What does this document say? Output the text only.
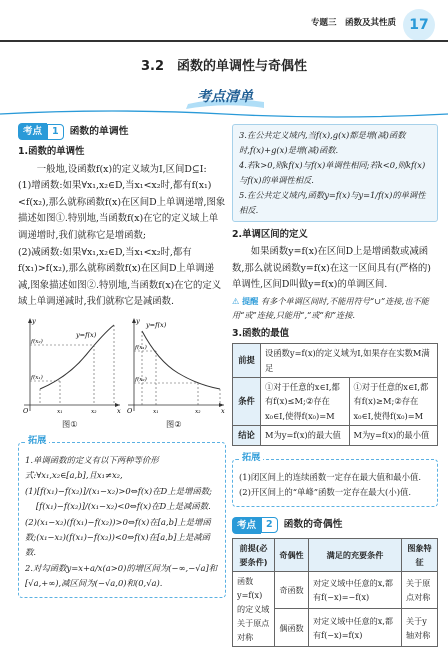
专题三　 函数及其性质 17
3.2　函数的单调性与奇偶性
考点清单
考点	1	函数的单调性
1.函数的单调性
一般地,设函数f(x)的定义域为I,区间D⊆I:
(1)增函数:如果∀x₁,x₂∈D,当x₁<x₂时,都有f(x₁)<f(x₂),那么就称函数f(x)在区间D上单调递增,图象描述如图①.特别地,当函数f(x)在它的定义域上单调递增时,我们就称它是增函数;
(2)减函数:如果∀x₁,x₂∈D,当x₁<x₂时,都有f(x₁)>f(x₂),那么就称函数f(x)在区间D上单调递减,图象描述如图②.特别地,当函数f(x)在它的定义域上单调递减时,我们就称它是减函数.
y=f(x)
y
x
O
f(x₂)
f(x₁)
x₁	x₂
y=f(x)
y
x
O
f(x₁)
f(x₂)
x₁	x₂
图①	图②
拓展

1.单调函数的定义有以下两种等价形式:∀x₁,x₂∈[a,b],且x₁≠x₂,

(1)[f(x₁)−f(x₂)]/(x₁−x₂)>0⇔f(x)在D上是增函数;

[f(x₁)−f(x₂)]/(x₁−x₂)<0⇔f(x)在D上是减函数.

(2)(x₁−x₂)(f(x₁)−f(x₂))>0⇔f(x)在[a,b]上是增函数;(x₁−x₂)(f(x₁)−f(x₂))<0⇔f(x)在[a,b]上是减函数.

2.对勾函数y=x+a/x(a>0)的增区间为(−∞,−√a]和[√a,+∞),减区间为(−√a,0)和(0,√a).

3.在公共定义域内,当f(x),g(x)都是增(减)函数时,f(x)+g(x)是增(减)函数.

4.若k>0,则kf(x)与f(x)单调性相同;若k<0,则kf(x)与f(x)的单调性相反.

5.在公共定义域内,函数y=f(x)与y=1/f(x)的单调性相反.

2.单调区间的定义
如果函数y=f(x)在区间D上是增函数或减函数,那么就说函数y=f(x)在这一区间具有(严格的)单调性,区间D叫做y=f(x)的单调区间.
⚠ 提醒 有多个单调区间时,不能用符号“∪”连接,也不能用“或”连接,只能用“,”或“和”连接.
3.函数的最值
前提	设函数y=f(x)的定义域为I,如果存在实数M满足	
条件	①对于任意的x∈I,都有f(x)≤M;②存在x₀∈I,使得f(x₀)=M	①对于任意的x∈I,都有f(x)≥M;②存在x₀∈I,使得f(x₀)=M
结论	M为y=f(x)的最大值	M为y=f(x)的最小值
拓展

(1)闭区间上的连续函数一定存在最大值和最小值.

(2)开区间上的“单峰”函数一定存在最大(小)值.

考点	2	函数的奇偶性
前提(必要条件)	奇偶性	满足的充要条件	图象特征
函数y=f(x)的定义域关于原点对称	奇函数	对定义域中任意的x,都有f(−x)=−f(x)	关于原点对称
	偶函数	对定义域中任意的x,都有f(−x)=f(x)	关于y轴对称
